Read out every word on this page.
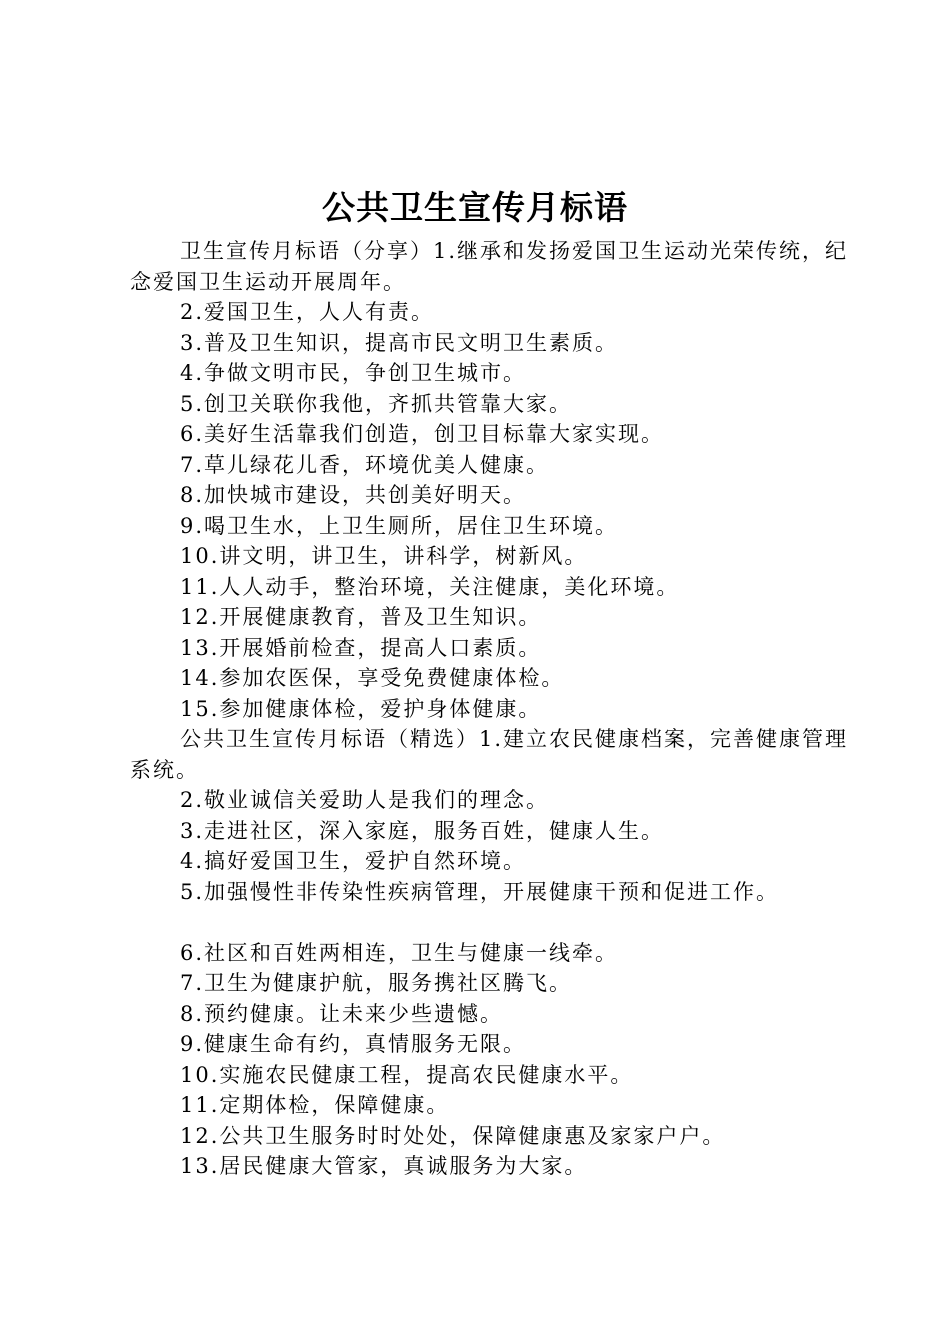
公共卫生宣传月标语

卫生宣传月标语（分享）1.继承和发扬爱国卫生运动光荣传统，纪念爱国卫生运动开展周年。

2.爱国卫生，人人有责。

3.普及卫生知识，提高市民文明卫生素质。

4.争做文明市民，争创卫生城市。

5.创卫关联你我他，齐抓共管靠大家。

6.美好生活靠我们创造，创卫目标靠大家实现。

7.草儿绿花儿香，环境优美人健康。

8.加快城市建设，共创美好明天。

9.喝卫生水，上卫生厕所，居住卫生环境。

10.讲文明，讲卫生，讲科学，树新风。

11.人人动手，整治环境，关注健康，美化环境。

12.开展健康教育，普及卫生知识。

13.开展婚前检查，提高人口素质。

14.参加农医保，享受免费健康体检。

15.参加健康体检，爱护身体健康。

公共卫生宣传月标语（精选）1.建立农民健康档案，完善健康管理系统。

2.敬业诚信关爱助人是我们的理念。

3.走进社区，深入家庭，服务百姓，健康人生。

4.搞好爱国卫生，爱护自然环境。

5.加强慢性非传染性疾病管理，开展健康干预和促进工作。

6.社区和百姓两相连，卫生与健康一线牵。

7.卫生为健康护航，服务携社区腾飞。

8.预约健康。让未来少些遗憾。

9.健康生命有约，真情服务无限。

10.实施农民健康工程，提高农民健康水平。

11.定期体检，保障健康。

12.公共卫生服务时时处处，保障健康惠及家家户户。

13.居民健康大管家，真诚服务为大家。
